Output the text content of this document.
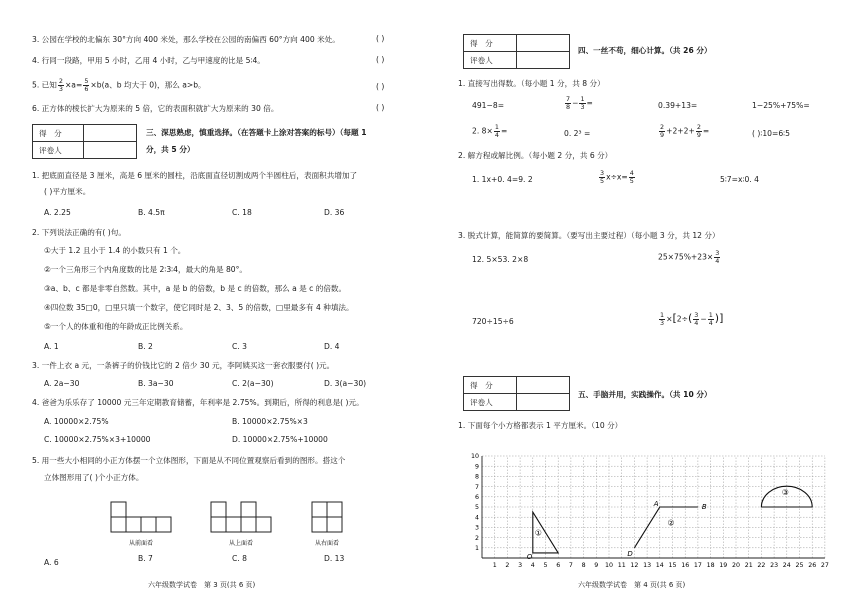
3. 公园在学校的北偏东 30°方向 400 米处，那么学校在公园的南偏西 60°方向 400 米处。	( )
4. 行同一段路，甲用 5 小时，乙用 4 小时，乙与甲速度的比是 5∶4。	( )
5. 已知 $\frac{2}{3} \times a= \frac{5}{6} \times b(a$、b 均大于 0)，那么 a>b。	( )
6. 正方体的棱长扩大为原来的 5 倍，它的表面积就扩大为原来的 30 倍。	( )
得　分	
评卷人	
三、深思熟虑，慎重选择。（在答题卡上涂对答案的标号）（每题 1
分，共 5 分）
1. 把底面直径是 3 厘米，高是 6 厘米的圆柱，沿底面直径切割成两个半圆柱后，表面积共增加了
( )平方厘米。
A. 2.25	B. 4.5π	C. 18	D. 36
2. 下列说法正确的有( )句。
①大于 1.2 且小于 1.4 的小数只有 1 个。
②一个三角形三个内角度数的比是 2∶3∶4，最大的角是 80°。
③a、b、c 都是非零自然数。其中，a 是 b 的倍数，b 是 c 的倍数，那么 a 是 c 的倍数。
④四位数 35□0，□里只填一个数字，使它同时是 2、3、5 的倍数，□里最多有 4 种填法。
⑤一个人的体重和他的年龄成正比例关系。
A. 1	B. 2	C. 3	D. 4
3. 一件上衣 a 元，一条裤子的价钱比它的 2 倍少 30 元，李阿姨买这一套衣服要付( )元。
A. 2a−30	B. 3a−30	C. 2(a−30)	D. 3(a−30)
4. 爸爸为乐乐存了 10000 元三年定期教育储蓄，年利率是 2.75%。到期后，所得的利息是( )元。
A. 10000×2.75%	B. 10000×2.75%×3
C. 10000×2.75%×3+10000	D. 10000×2.75%+10000
5. 用一些大小相同的小正方体摆一个立体图形，下面是从不同位置观察后看到的图形。搭这个
立体图形用了( )个小正方体。
从前面看	从上面看	从右面看
A. 6	B. 7	C. 8	D. 13
六年级数学试卷　第 3 页(共 6 页)
得　分	
评卷人	
四、一丝不苟，细心计算。（共 26 分）
1. 直接写出得数。（每小题 1 分，共 8 分）
491−8=	$\frac{7}{8} - \frac{1}{3}$ =	0.39+13=	1−25%+75%=
2. $8\times \frac{1}{4}$ =	0. 2³ =	$\frac{2}{9} +2+2+ \frac{2}{9}$ =	( )∶10=6∶5
2. 解方程或解比例。（每小题 2 分，共 6 分）
1. 1x+0. 4=9. 2	$\frac{3}{5} x\div x= \frac{4}{5}$	5∶7=x∶0. 4
3. 脱式计算，能简算的要简算。（要写出主要过程）（每小题 3 分，共 12 分）
12. 5×53. 2×8	$25\times 75\%+23\times \frac{3}{4}$
720÷15÷6	$\frac{1}{3} \times[2\div( \frac{3}{4} - \frac{1}{4}$ )]
得　分	
评卷人	
五、手脑并用，实践操作。（共 10 分）
1. 下面每个小方格都表示 1 平方厘米。（10 分）
1 2 3 4 5 6 7 8 9 10 11 12 13 14 15 16 17 18 19 20 21 22 23 24 25 26 27
1
2
3
4
5
6
7
8
9
10
A	B
D
O
①
②
③
六年级数学试卷　第 4 页(共 6 页)
